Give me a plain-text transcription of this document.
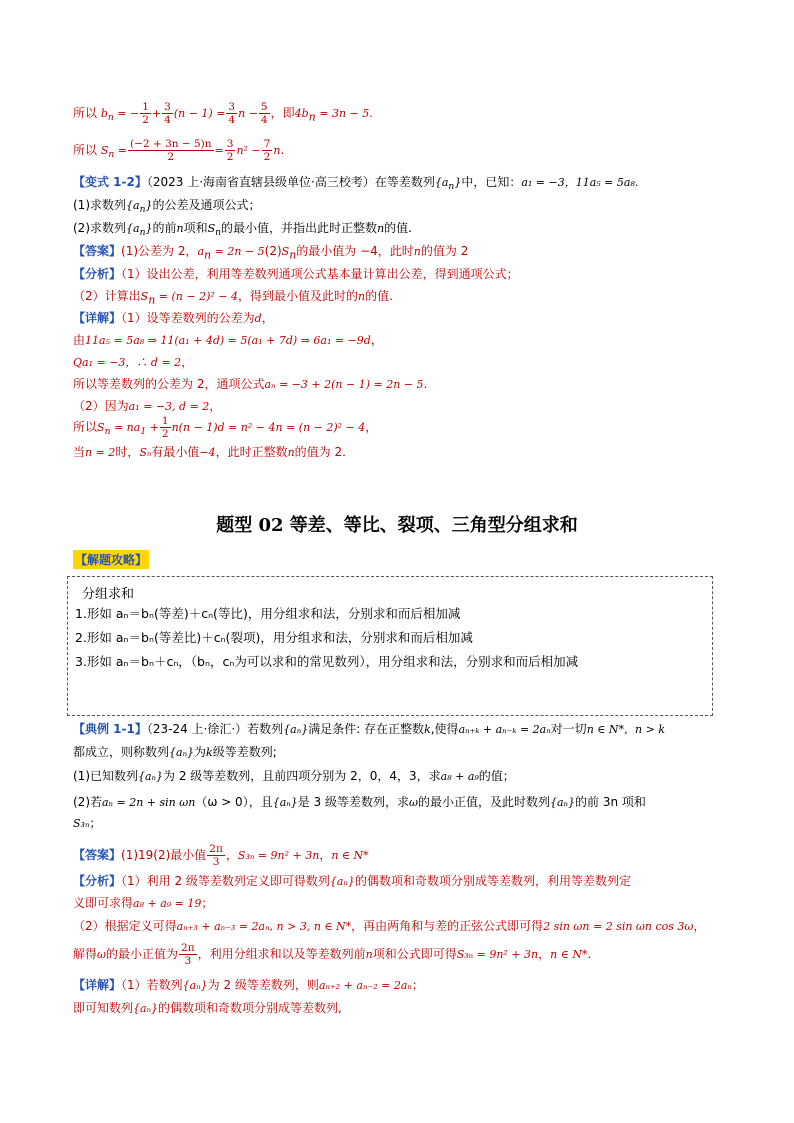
所以 $b_n$ = − $\frac{1}{2} + \frac{3}{4} (n - 1) = \frac{3}{4}$ $n - \frac{5}{4}$ ，即$4b_n = 3n - 5$.
所以 $S_n = \frac{(-2 + 3n - 5)n}{2} = \frac{3}{2} n^2 - \frac{7}{2} n$.
【变式 1-2】（2023 上·海南省直辖县级单位·高三校考）在等差数列$\{a_n\}$中，已知：a₁ = −3，11a₅ = 5a₈.
(1)求数列$\{a_n\}$的公差及通项公式；
(2)求数列$\{a_n\}$的前n项和$S_n$的最小值，并指出此时正整数n的值.
【答案】(1)公差为 2，$a_n = 2n - 5(2)S_n$的最小值为 −4，此时n的值为 2
【分析】（1）设出公差，利用等差数列通项公式基本量计算出公差，得到通项公式；
（2）计算出$S_n = (n - 2)^2 - 4$，得到最小值及此时的n的值.
【详解】（1）设等差数列的公差为d，
由11a₅ = 5a₈ ⇒ 11(a₁ + 4d) = 5(a₁ + 7d) ⇒ 6a₁ = −9d，
Qa₁ = −3，∴ d = 2，
所以等差数列的公差为 2，通项公式aₙ = −3 + 2(n − 1) = 2n − 5.
（2）因为a₁ = −3, d = 2，
所以$S_n = na_1 + \frac{1}{2} n(n - 1)d = n^2 - 4n = (n - 2)^2 - 4$，
当n = 2时，Sₙ有最小值−4，此时正整数n的值为 2.
题型 02 等差、等比、裂项、三角型分组求和
【解题攻略】
分组求和
1.形如 aₙ＝bₙ(等差)＋cₙ(等比)，用分组求和法，分别求和而后相加减
2.形如 aₙ＝bₙ(等差比)＋cₙ(裂项)，用分组求和法，分别求和而后相加减
3.形如 aₙ＝bₙ＋cₙ，（bₙ，cₙ为可以求和的常见数列），用分组求和法，分别求和而后相加减
【典例 1-1】（23-24 上·徐汇·）若数列{aₙ}满足条件: 存在正整数k,使得aₙ₊ₖ + aₙ₋ₖ = 2aₙ对一切n ∈ N*，n > k
都成立，则称数列{aₙ}为k级等差数列;
(1)已知数列{aₙ}为 2 级等差数列，且前四项分别为 2，0，4，3，求a₈ + a₉的值；
(2)若aₙ = 2n + sin ωn（ω > 0），且{aₙ}是 3 级等差数列，求ω的最小正值，及此时数列{aₙ}的前 3n 项和
S₃ₙ；
【答案】(1)19(2)最小值 $\frac{2\pi}{3}$ ，S₃ₙ = 9n² + 3n，n ∈ N*
【分析】（1）利用 2 级等差数列定义即可得数列{aₙ}的偶数项和奇数项分别成等差数列，利用等差数列定
义即可求得a₈ + a₉ = 19；
（2）根据定义可得aₙ₊₃ + aₙ₋₃ = 2aₙ, n > 3, n ∈ N*，再由两角和与差的正弦公式即可得2 sin ωn = 2 sin ωn cos 3ω，
解得ω的最小正值为 $\frac{2\pi}{3}$ ，利用分组求和以及等差数列前n项和公式即可得S₃ₙ = 9n² + 3n，n ∈ N*.
【详解】（1）若数列{aₙ}为 2 级等差数列，则aₙ₊₂ + aₙ₋₂ = 2aₙ；
即可知数列{aₙ}的偶数项和奇数项分别成等差数列,
